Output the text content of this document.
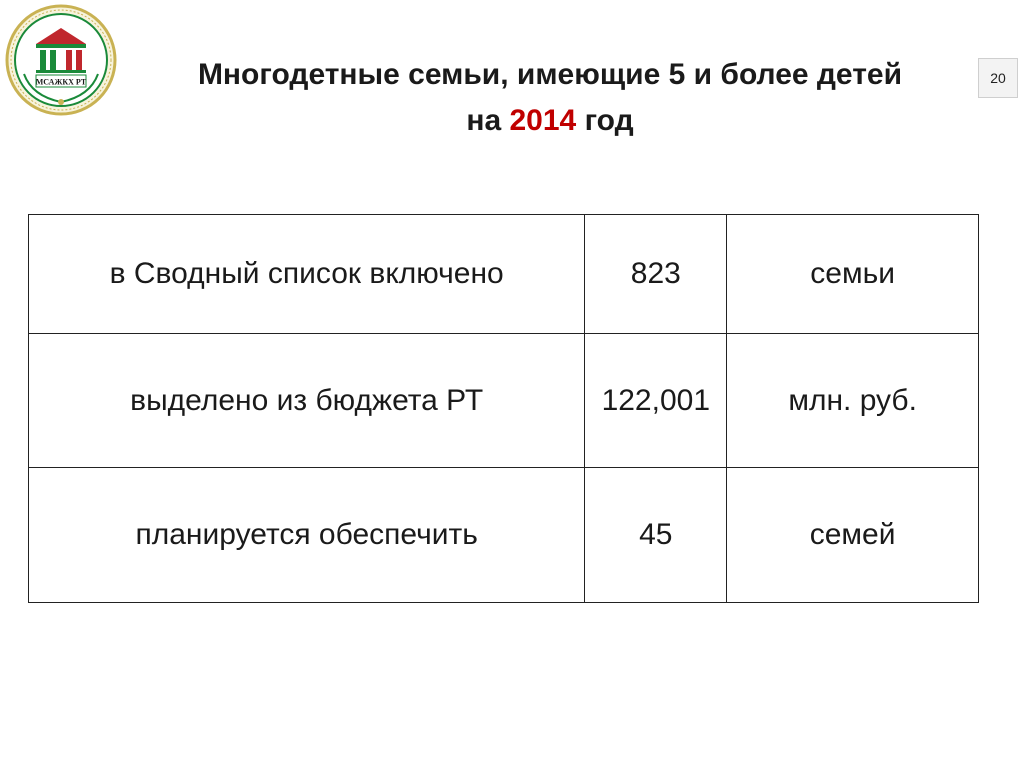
МСАЖКХ РТ	Многодетные семьи, имеющие 5 и более детей
на 2014 год
20
в Сводный список включено	823	семьи
выделено из бюджета РТ	122,001	млн. руб.
планируется обеспечить	45	семей
